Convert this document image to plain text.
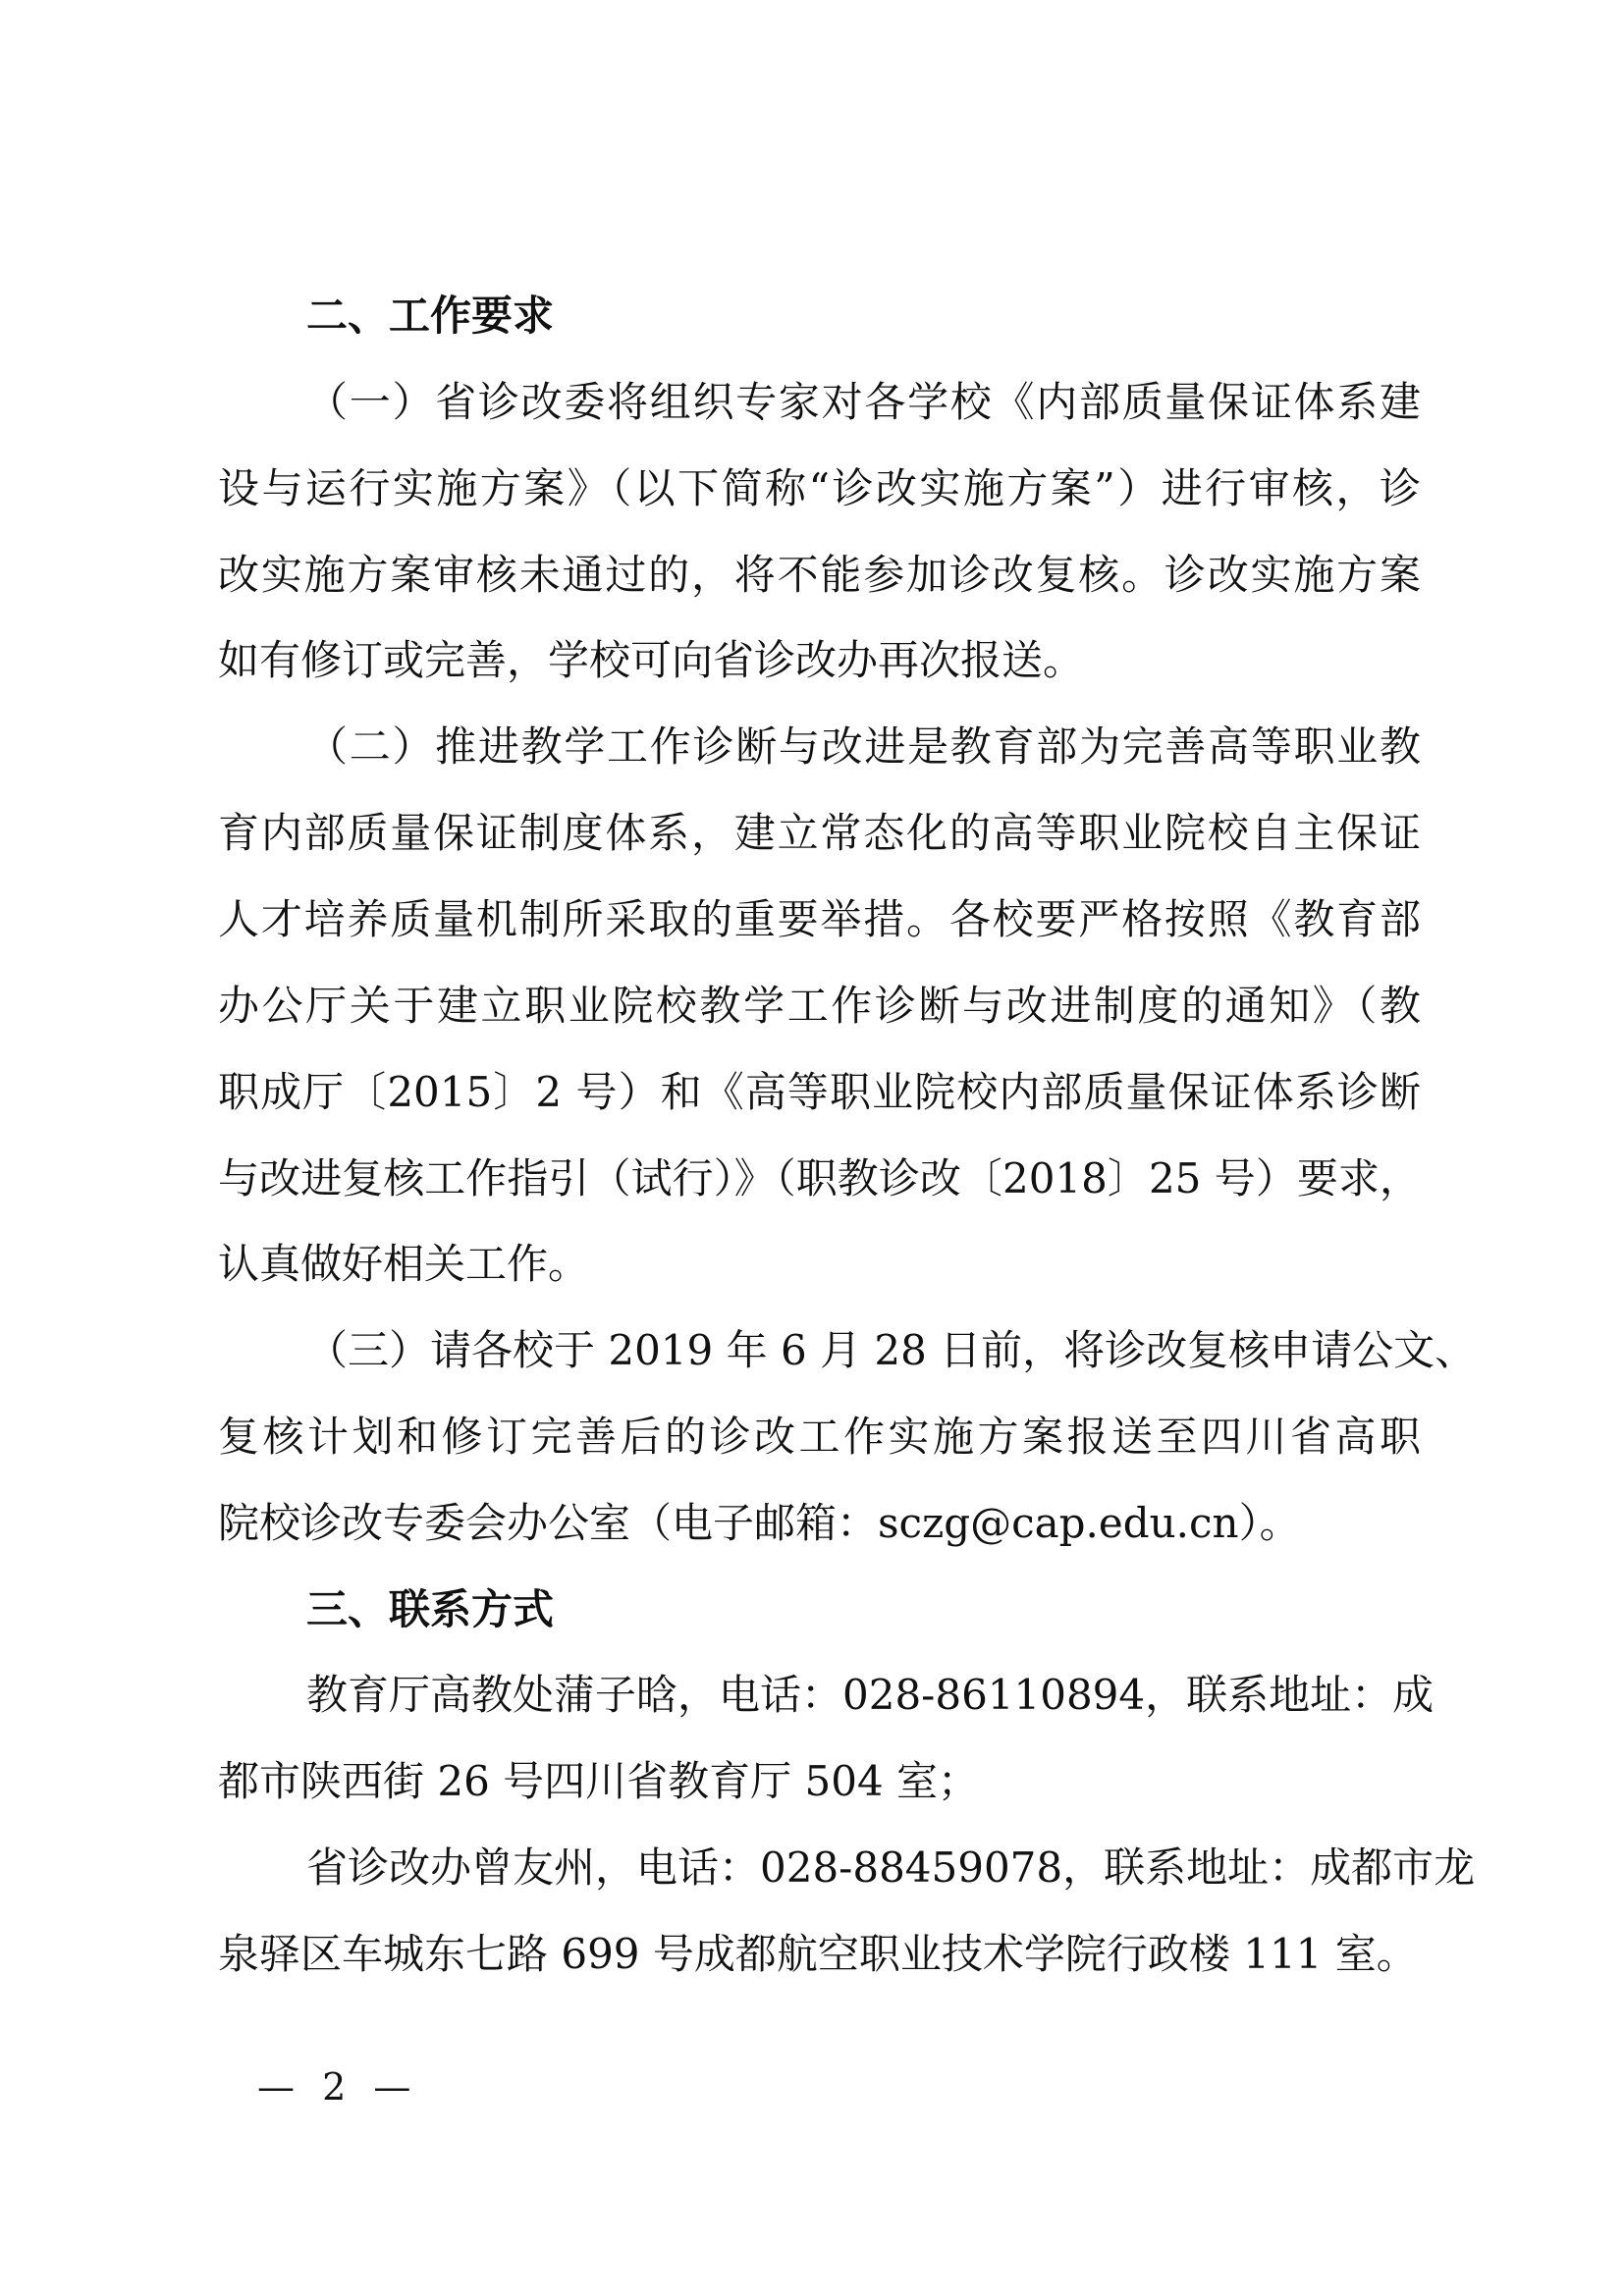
二、工作要求
（一）省诊改委将组织专家对各学校《内部质量保证体系建
设与运行实施方案》（以下简称“诊改实施方案”）进行审核，诊
改实施方案审核未通过的，将不能参加诊改复核。诊改实施方案
如有修订或完善，学校可向省诊改办再次报送。
（二）推进教学工作诊断与改进是教育部为完善高等职业教
育内部质量保证制度体系，建立常态化的高等职业院校自主保证
人才培养质量机制所采取的重要举措。各校要严格按照《教育部
办公厅关于建立职业院校教学工作诊断与改进制度的通知》（教
职成厅〔2015〕2 号）和《高等职业院校内部质量保证体系诊断
与改进复核工作指引（试行）》（职教诊改〔2018〕25 号）要求，
认真做好相关工作。
（三）请各校于 2019 年 6 月 28 日前，将诊改复核申请公文、
复核计划和修订完善后的诊改工作实施方案报送至四川省高职
院校诊改专委会办公室（电子邮箱：sczg@cap.edu.cn）。
三、联系方式
教育厅高教处蒲子晗，电话：028-86110894，联系地址：成
都市陕西街 26 号四川省教育厅 504 室；
省诊改办曾友州，电话：028-88459078，联系地址：成都市龙
泉驿区车城东七路 699 号成都航空职业技术学院行政楼 111 室。
— 2 —
